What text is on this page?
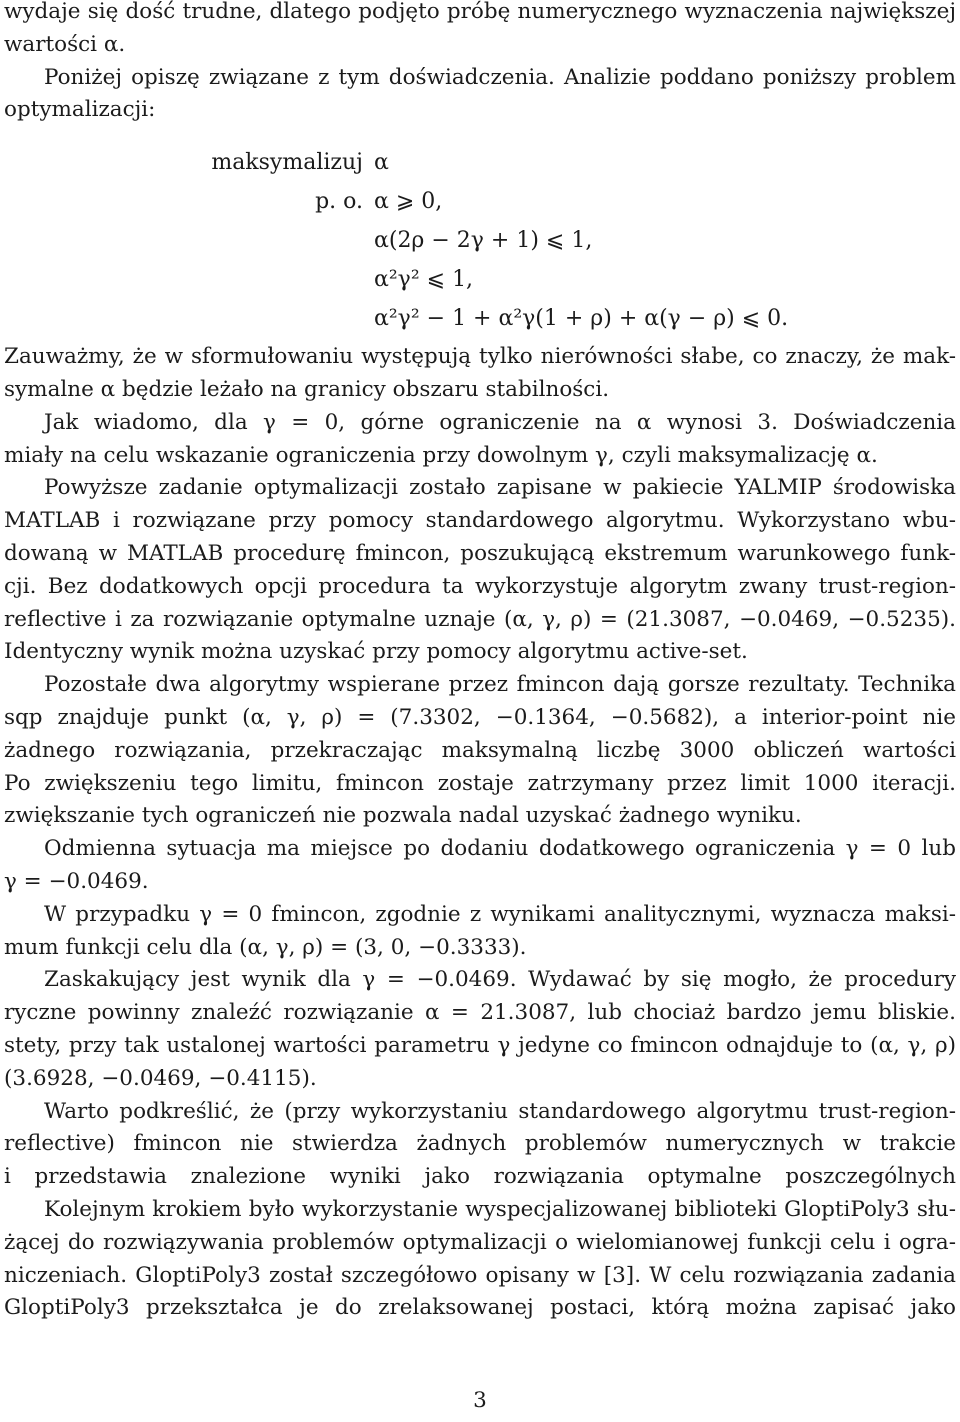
wydaje się dość trudne, dlatego podjęto próbę numerycznego wyznaczenia największej
wartości α.
Poniżej opiszę związane z tym doświadczenia. Analizie poddano poniższy problem
optymalizacji:
maksymalizuj α
p. o. α ⩾ 0,
α(2ρ − 2γ + 1) ⩽ 1,
α²γ² ⩽ 1,
α²γ² − 1 + α²γ(1 + ρ) + α(γ − ρ) ⩽ 0.
Zauważmy, że w sformułowaniu występują tylko nierówności słabe, co znaczy, że mak-
symalne α będzie leżało na granicy obszaru stabilności.
Jak wiadomo, dla γ = 0, górne ograniczenie na α wynosi 3. Doświadczenia
miały na celu wskazanie ograniczenia przy dowolnym γ, czyli maksymalizację α.
Powyższe zadanie optymalizacji zostało zapisane w pakiecie YALMIP środowiska
MATLAB i rozwiązane przy pomocy standardowego algorytmu. Wykorzystano wbu-
dowaną w MATLAB procedurę fmincon, poszukującą ekstremum warunkowego funk-
cji. Bez dodatkowych opcji procedura ta wykorzystuje algorytm zwany trust-region-
reflective i za rozwiązanie optymalne uznaje (α, γ, ρ) = (21.3087, −0.0469, −0.5235).
Identyczny wynik można uzyskać przy pomocy algorytmu active-set.
Pozostałe dwa algorytmy wspierane przez fmincon dają gorsze rezultaty. Technika
sqp znajduje punkt (α, γ, ρ) = (7.3302, −0.1364, −0.5682), a interior-point nie
żadnego rozwiązania, przekraczając maksymalną liczbę 3000 obliczeń wartości
Po zwiększeniu tego limitu, fmincon zostaje zatrzymany przez limit 1000 iteracji.
zwiększanie tych ograniczeń nie pozwala nadal uzyskać żadnego wyniku.
Odmienna sytuacja ma miejsce po dodaniu dodatkowego ograniczenia γ = 0 lub
γ = −0.0469.
W przypadku γ = 0 fmincon, zgodnie z wynikami analitycznymi, wyznacza maksi-
mum funkcji celu dla (α, γ, ρ) = (3, 0, −0.3333).
Zaskakujący jest wynik dla γ = −0.0469. Wydawać by się mogło, że procedury
ryczne powinny znaleźć rozwiązanie α = 21.3087, lub chociaż bardzo jemu bliskie.
stety, przy tak ustalonej wartości parametru γ jedyne co fmincon odnajduje to (α, γ, ρ)
(3.6928, −0.0469, −0.4115).
Warto podkreślić, że (przy wykorzystaniu standardowego algorytmu trust-region-
reflective) fmincon nie stwierdza żadnych problemów numerycznych w trakcie
i przedstawia znalezione wyniki jako rozwiązania optymalne poszczególnych
Kolejnym krokiem było wykorzystanie wyspecjalizowanej biblioteki GloptiPoly3 słu-
żącej do rozwiązywania problemów optymalizacji o wielomianowej funkcji celu i ogra-
niczeniach. GloptiPoly3 został szczegółowo opisany w [3]. W celu rozwiązania zadania
GloptiPoly3 przekształca je do zrelaksowanej postaci, którą można zapisać jako
3
